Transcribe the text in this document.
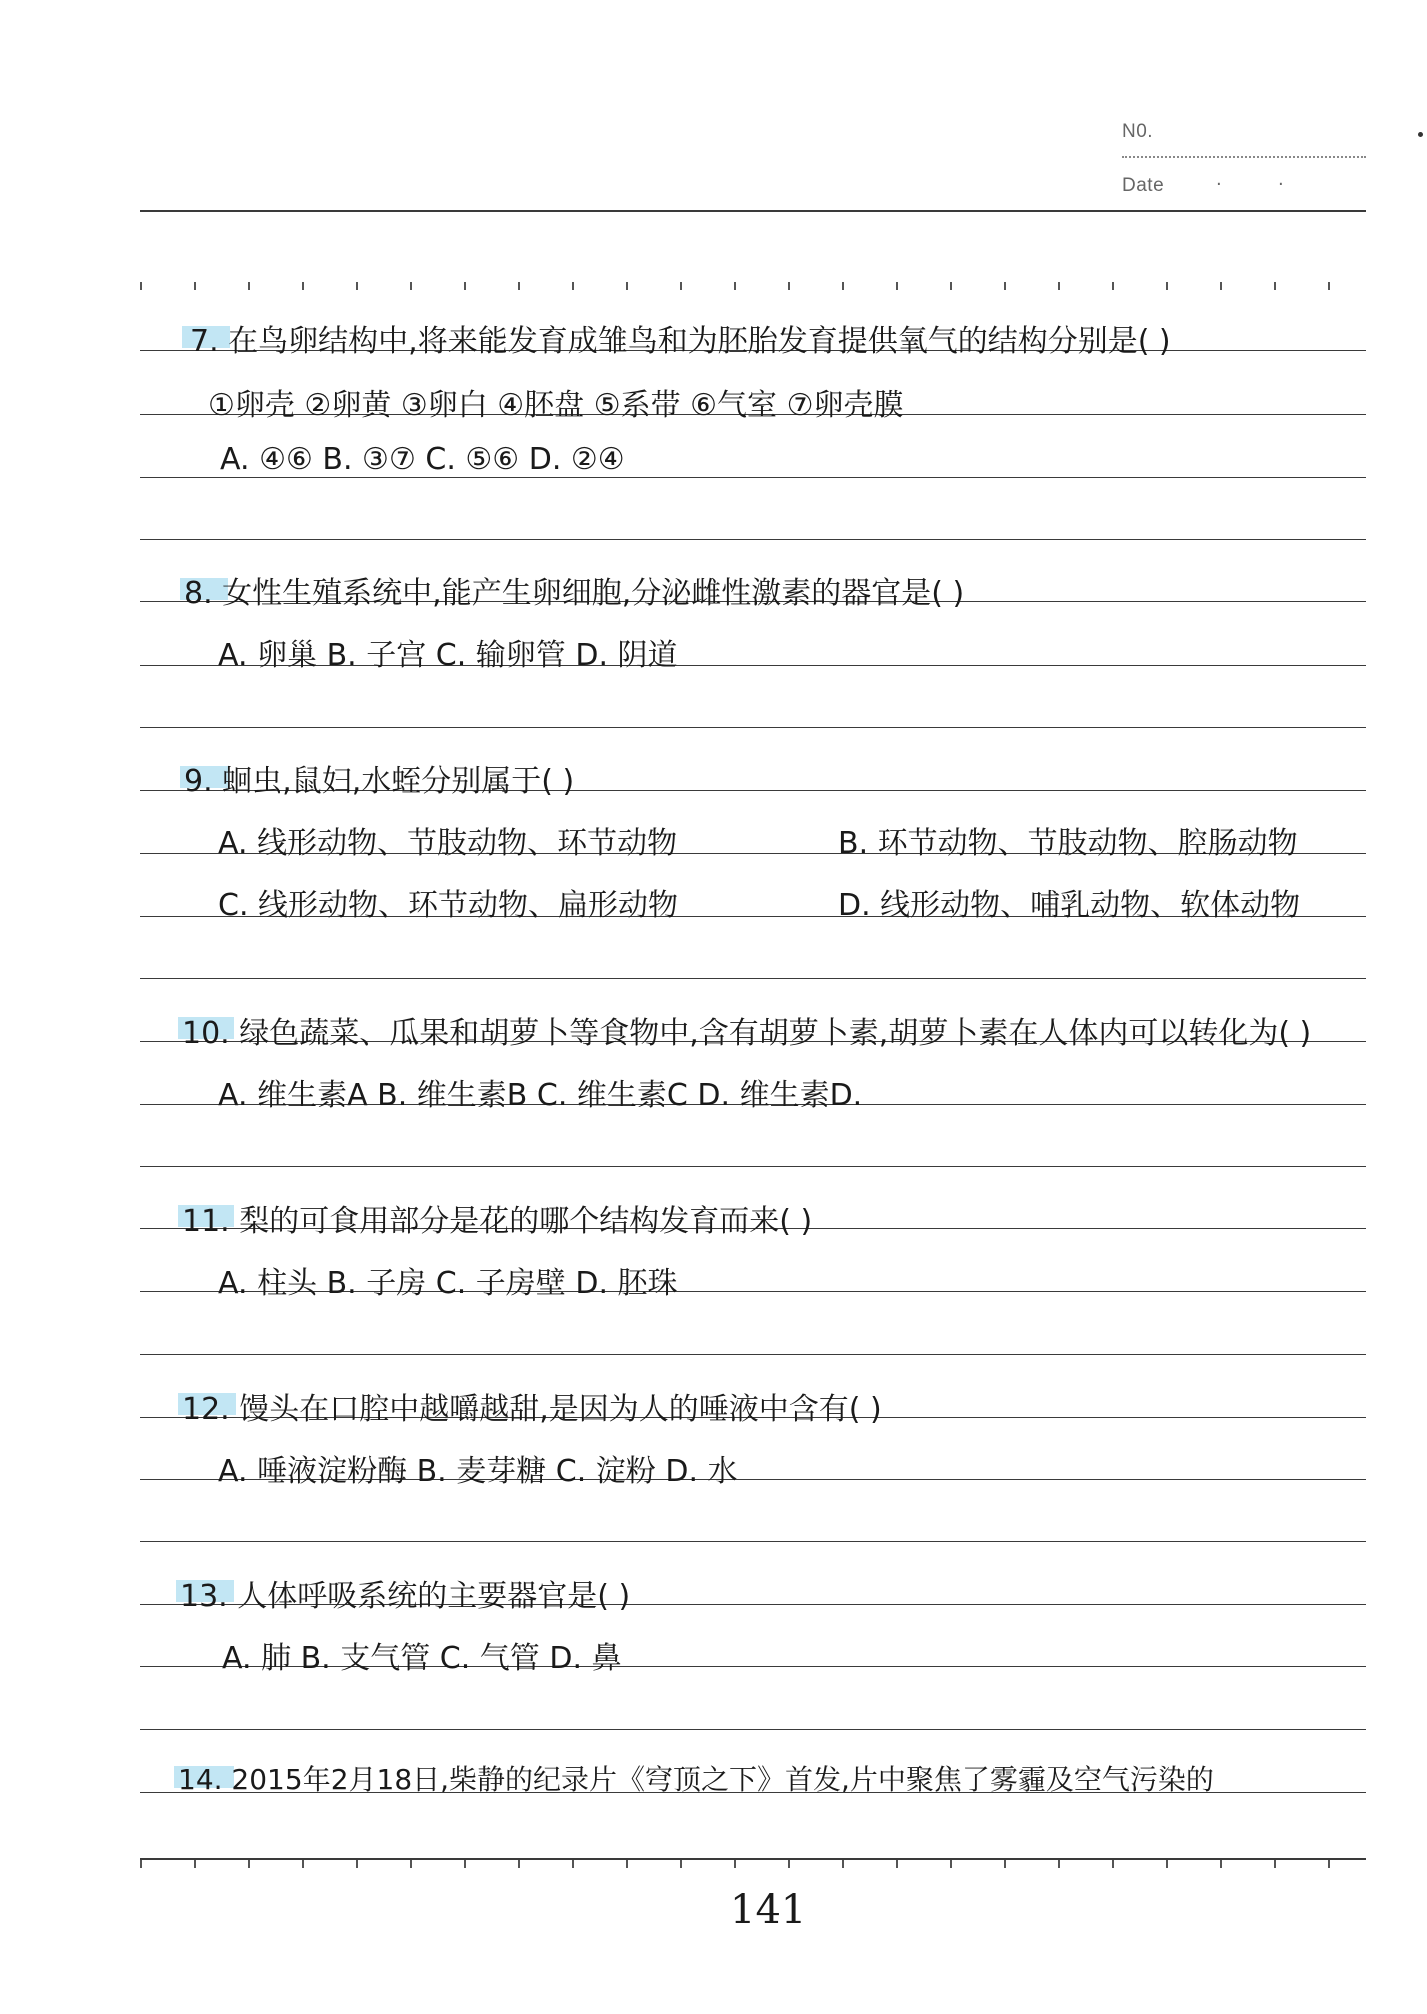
N0.
Date	·	·
7. 在鸟卵结构中,将来能发育成雏鸟和为胚胎发育提供氧气的结构分别是( )
①卵壳 ②卵黄 ③卵白 ④胚盘 ⑤系带 ⑥气室 ⑦卵壳膜
A. ④⑥ B. ③⑦ C. ⑤⑥ D. ②④
8. 女性生殖系统中,能产生卵细胞,分泌雌性激素的器官是( )
A. 卵巢 B. 子宫 C. 输卵管 D. 阴道
9. 蛔虫,鼠妇,水蛭分别属于( )
A. 线形动物、节肢动物、环节动物	B. 环节动物、节肢动物、腔肠动物
C. 线形动物、环节动物、扁形动物	D. 线形动物、哺乳动物、软体动物
10. 绿色蔬菜、瓜果和胡萝卜等食物中,含有胡萝卜素,胡萝卜素在人体内可以转化为( )
A. 维生素A B. 维生素B C. 维生素C D. 维生素D.
11. 梨的可食用部分是花的哪个结构发育而来( )
A. 柱头 B. 子房 C. 子房壁 D. 胚珠
12. 馒头在口腔中越嚼越甜,是因为人的唾液中含有( )
A. 唾液淀粉酶 B. 麦芽糖 C. 淀粉 D. 水
13. 人体呼吸系统的主要器官是( )
A. 肺 B. 支气管 C. 气管 D. 鼻
14. 2015年2月18日,柴静的纪录片《穹顶之下》首发,片中聚焦了雾霾及空气污染的
141
